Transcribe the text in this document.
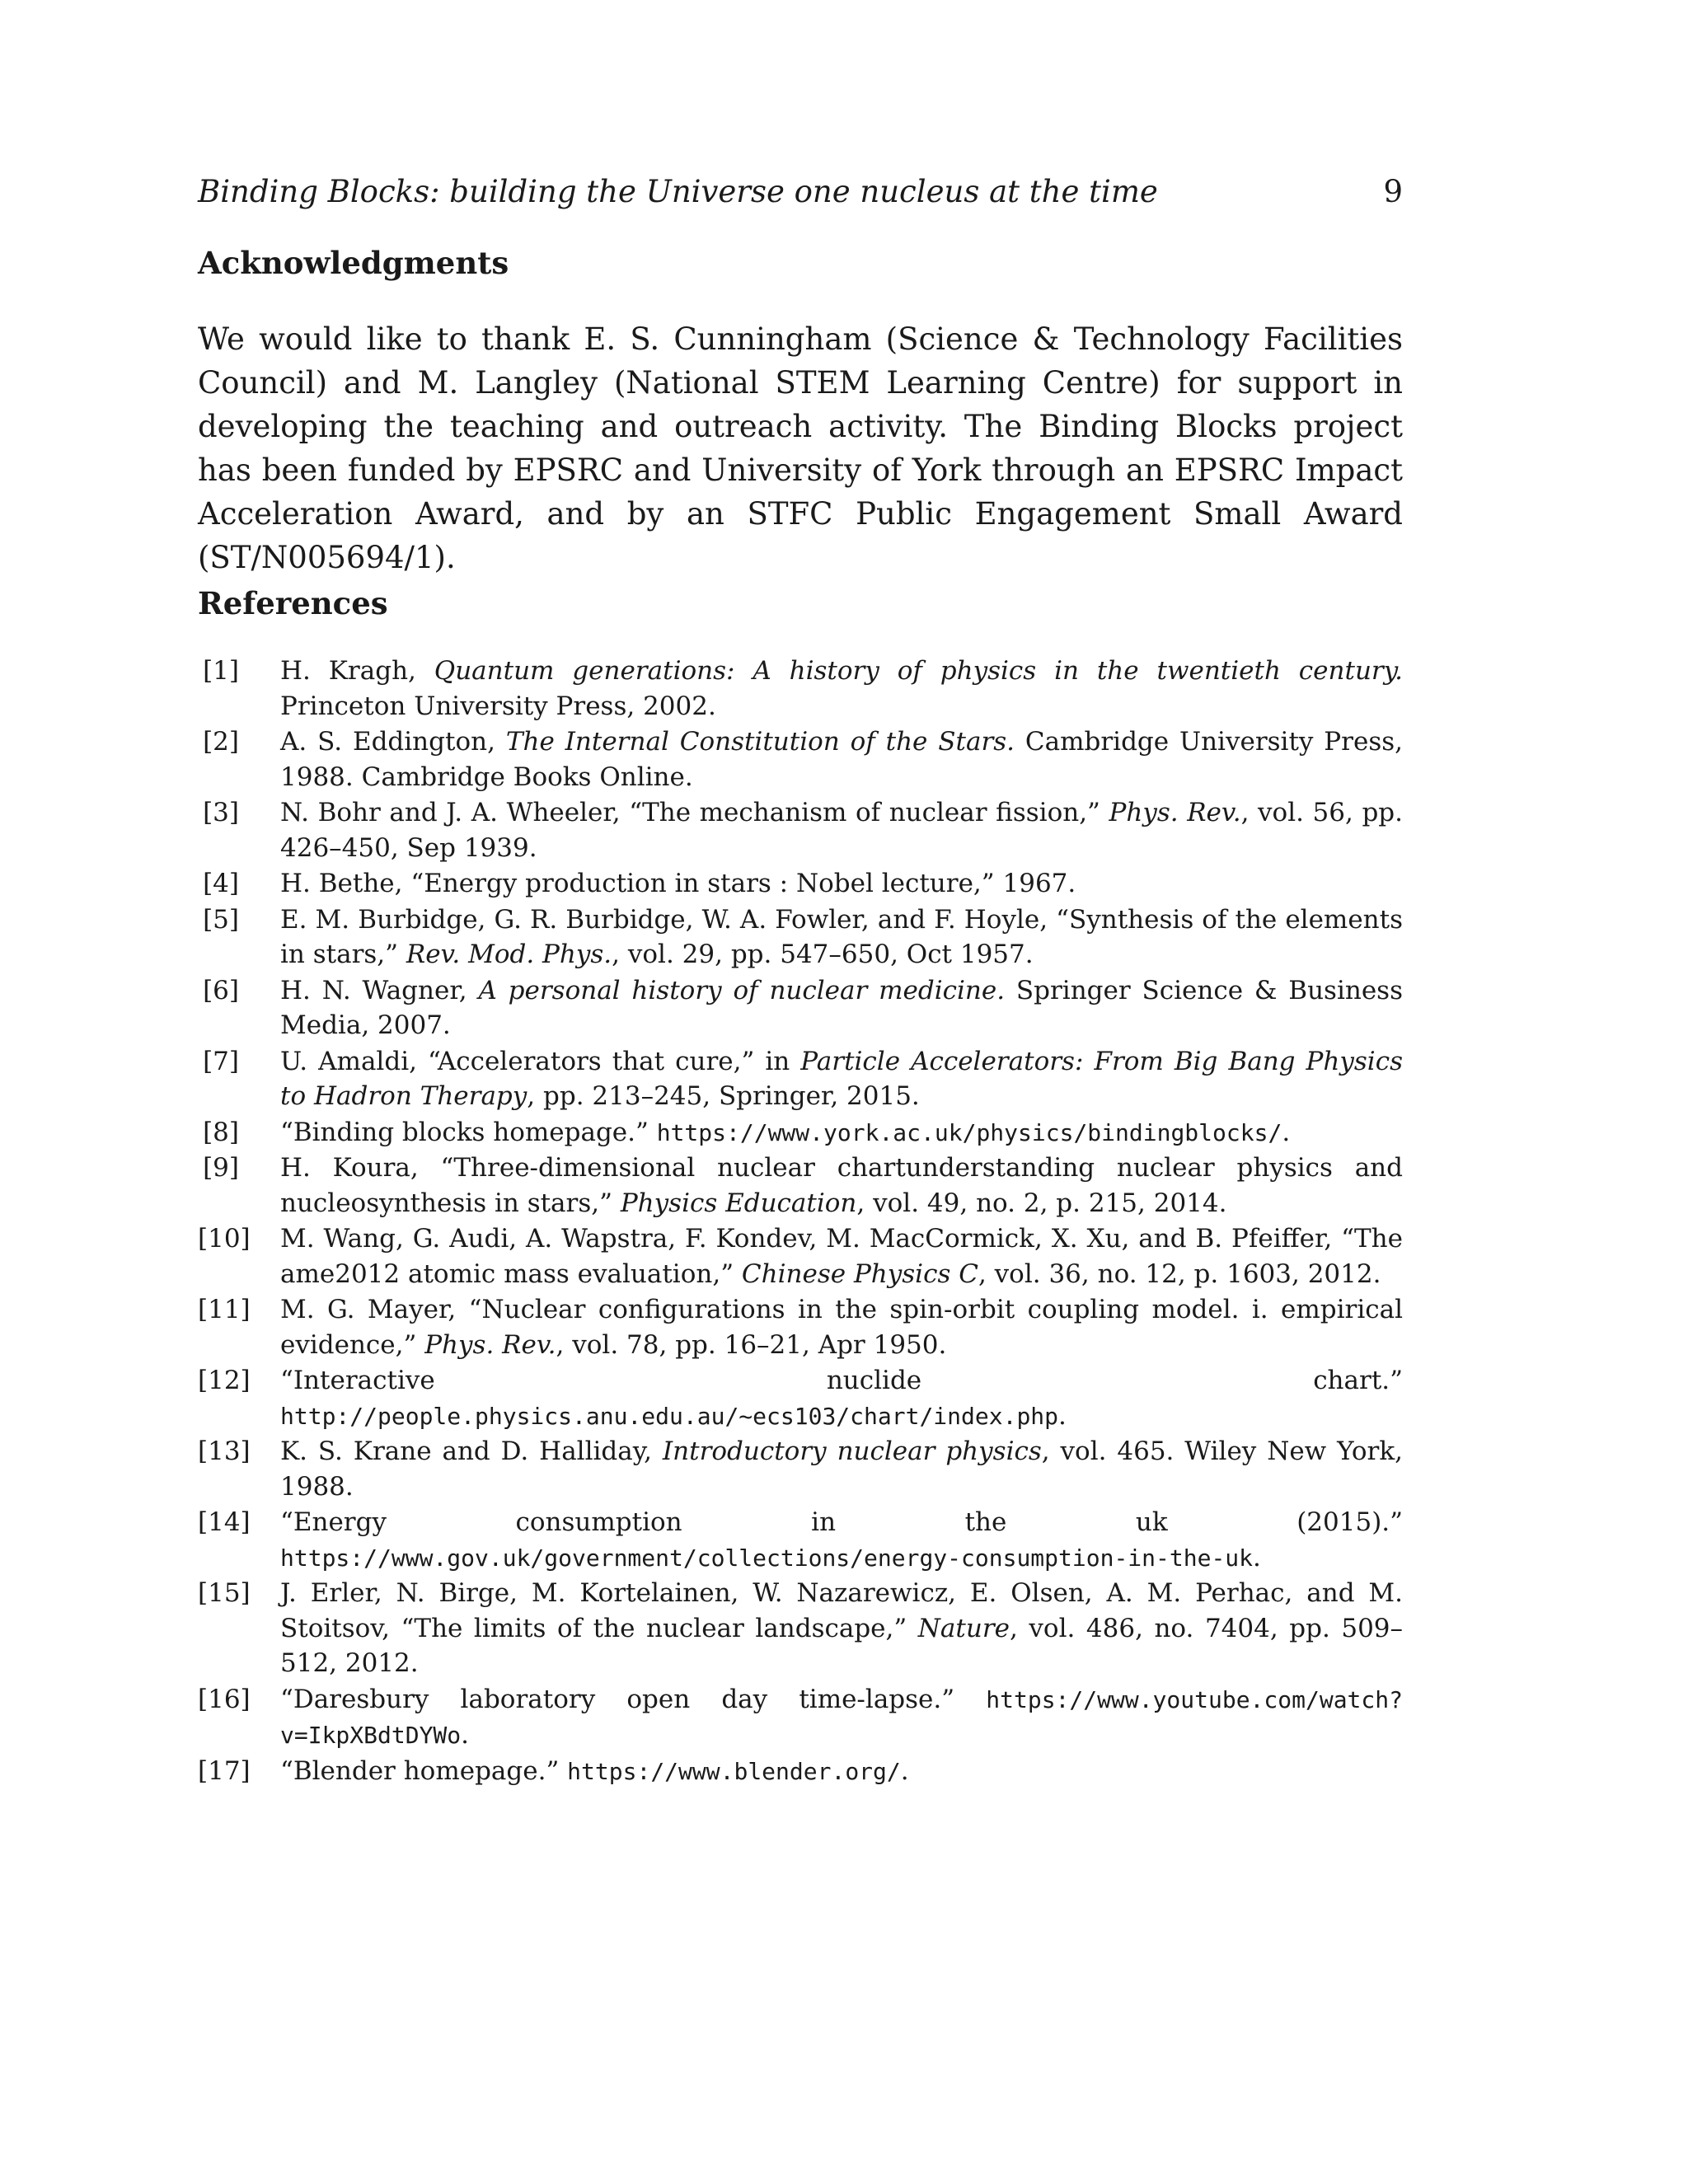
Binding Blocks: building the Universe one nucleus at the time	9
Acknowledgments

We would like to thank E. S. Cunningham (Science & Technology Facilities Council) and M. Langley (National STEM Learning Centre) for support in developing the teaching and outreach activity. The Binding Blocks project has been funded by EPSRC and University of York through an EPSRC Impact Acceleration Award, and by an STFC Public Engagement Small Award (ST/N005694/1).

References
[1] H. Kragh, Quantum generations: A history of physics in the twentieth century. Princeton University Press, 2002.
[2] A. S. Eddington, The Internal Constitution of the Stars. Cambridge University Press, 1988. Cambridge Books Online.
[3] N. Bohr and J. A. Wheeler, “The mechanism of nuclear fission,” Phys. Rev., vol. 56, pp. 426–450, Sep 1939.
[4] H. Bethe, “Energy production in stars : Nobel lecture,” 1967.
[5] E. M. Burbidge, G. R. Burbidge, W. A. Fowler, and F. Hoyle, “Synthesis of the elements in stars,” Rev. Mod. Phys., vol. 29, pp. 547–650, Oct 1957.
[6] H. N. Wagner, A personal history of nuclear medicine. Springer Science & Business Media, 2007.
[7] U. Amaldi, “Accelerators that cure,” in Particle Accelerators: From Big Bang Physics to Hadron Therapy, pp. 213–245, Springer, 2015.
[8] “Binding blocks homepage.” https://www.york.ac.uk/physics/bindingblocks/.
[9] H. Koura, “Three-dimensional nuclear chartunderstanding nuclear physics and nucleosynthesis in stars,” Physics Education, vol. 49, no. 2, p. 215, 2014.
[10] M. Wang, G. Audi, A. Wapstra, F. Kondev, M. MacCormick, X. Xu, and B. Pfeiffer, “The ame2012 atomic mass evaluation,” Chinese Physics C, vol. 36, no. 12, p. 1603, 2012.
[11] M. G. Mayer, “Nuclear configurations in the spin-orbit coupling model. i. empirical evidence,” Phys. Rev., vol. 78, pp. 16–21, Apr 1950.
[12] “Interactive nuclide chart.” http://people.physics.anu.edu.au/~ecs103/chart/index.php.
[13] K. S. Krane and D. Halliday, Introductory nuclear physics, vol. 465. Wiley New York, 1988.
[14] “Energy consumption in the uk (2015).” https://www.gov.uk/government/collections/energy-consumption-in-the-uk.
[15] J. Erler, N. Birge, M. Kortelainen, W. Nazarewicz, E. Olsen, A. M. Perhac, and M. Stoitsov, “The limits of the nuclear landscape,” Nature, vol. 486, no. 7404, pp. 509–512, 2012.
[16] “Daresbury laboratory open day time-lapse.” https://www.youtube.com/watch?v=IkpXBdtDYWo.
[17] “Blender homepage.” https://www.blender.org/.
